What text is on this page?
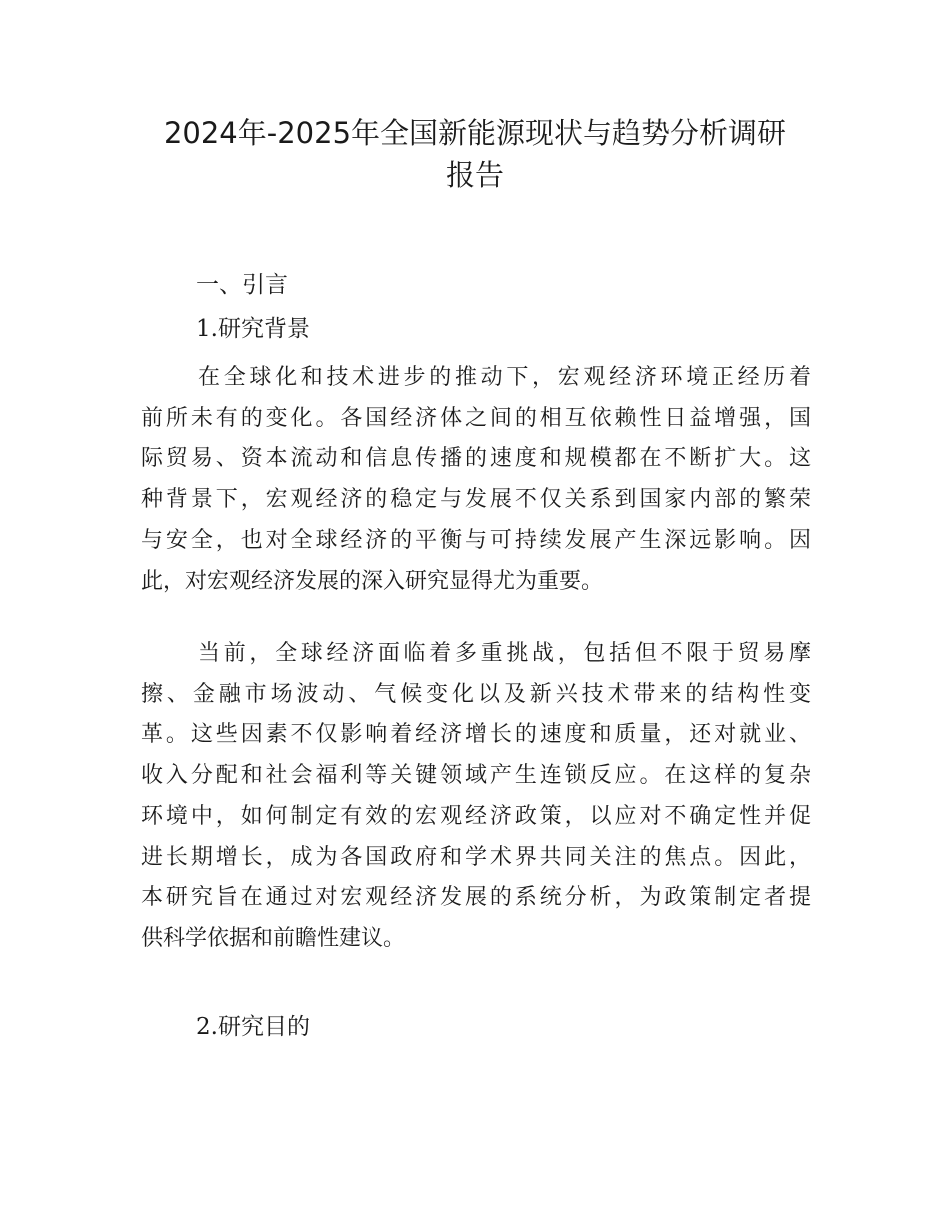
2024年-2025年全国新能源现状与趋势分析调研
报告
一、引言
1.研究背景
在全球化和技术进步的推动下，宏观经济环境正经历着
前所未有的变化。各国经济体之间的相互依赖性日益增强，国
际贸易、资本流动和信息传播的速度和规模都在不断扩大。这
种背景下，宏观经济的稳定与发展不仅关系到国家内部的繁荣
与安全，也对全球经济的平衡与可持续发展产生深远影响。因
此，对宏观经济发展的深入研究显得尤为重要。
当前，全球经济面临着多重挑战，包括但不限于贸易摩
擦、金融市场波动、气候变化以及新兴技术带来的结构性变
革。这些因素不仅影响着经济增长的速度和质量，还对就业、
收入分配和社会福利等关键领域产生连锁反应。在这样的复杂
环境中，如何制定有效的宏观经济政策，以应对不确定性并促
进长期增长，成为各国政府和学术界共同关注的焦点。因此，
本研究旨在通过对宏观经济发展的系统分析，为政策制定者提
供科学依据和前瞻性建议。
2.研究目的
